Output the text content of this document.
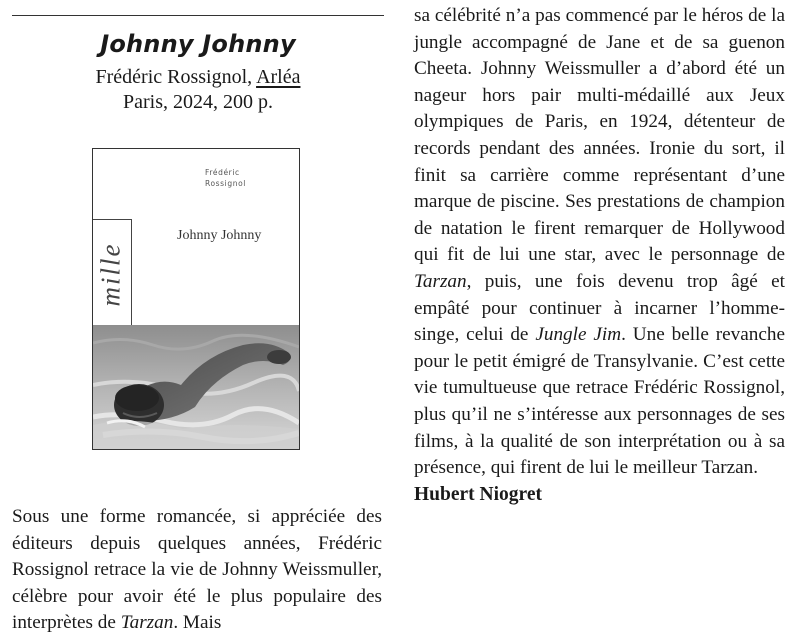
Johnny Johnny
Frédéric Rossignol, Arléa
Paris, 2024, 200 p.
Frédéric
Rossignol
Johnny Johnny
mille
Sous une forme romancée, si appréciée des éditeurs depuis quelques années, Frédéric Rossignol retrace la vie de Johnny Weissmuller, célèbre pour avoir été le plus populaire des interprètes de Tarzan. Mais
sa célébrité n’a pas commencé par le héros de la jungle accompagné de Jane et de sa guenon Cheeta. Johnny Weissmuller a d’abord été un nageur hors pair multi-médaillé aux Jeux olympiques de Paris, en 1924, détenteur de records pendant des années. Ironie du sort, il finit sa carrière comme représentant d’une marque de piscine. Ses prestations de champion de natation le firent remarquer de Hollywood qui fit de lui une star, avec le personnage de Tarzan, puis, une fois devenu trop âgé et empâté pour continuer à incarner l’homme-singe, celui de Jungle Jim. Une belle revanche pour le petit émigré de Transylvanie. C’est cette vie tumultueuse que retrace Frédéric Rossignol, plus qu’il ne s’intéresse aux personnages de ses films, à la qualité de son interprétation ou à sa présence, qui firent de lui le meilleur Tarzan.
Hubert Niogret
